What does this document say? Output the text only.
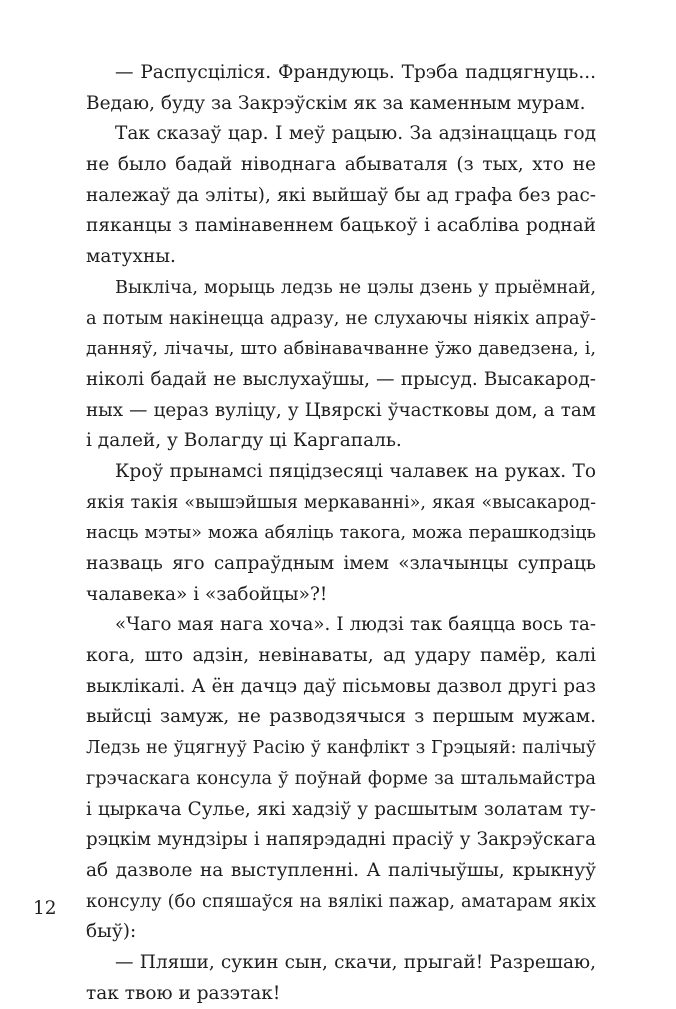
— Распусціліся. Франдуюць. Трэба падцягнуць...
Ведаю, буду за Закрэўскім як за каменным мурам.
Так сказаў цар. І меў рацыю. За адзінаццаць год
не было бадай ніводнага абываталя (з тых, хто не
належаў да эліты), які выйшаў бы ад графа без рас-
пяканцы з памінавеннем бацькоў і асабліва роднай
матухны.
Выкліча, морыць ледзь не цэлы дзень у прыёмнай,
а потым накінецца адразу, не слухаючы ніякіх апраў-
данняў, лічачы, што абвінавачванне ўжо даведзена, і,
ніколі бадай не выслухаўшы, — прысуд. Высакарод-
ных — цераз вуліцу, у Цвярскі ўчастковы дом, а там
і далей, у Волагду ці Каргапаль.
Кроў прынамсі пяцідзесяці чалавек на руках. То
якія такія «вышэйшыя меркаванні», якая «высакарод-
насць мэты» можа абяліць такога, можа перашкодзіць
назваць яго сапраўдным імем «злачынцы супраць
чалавека» і «забойцы»?!
«Чаго мая нага хоча». І людзі так баяцца вось та-
кога, што адзін, невінаваты, ад удару памёр, калі
выклікалі. А ён дачцэ даў пісьмовы дазвол другі раз
выйсці замуж, не разводзячыся з першым мужам.
Ледзь не ўцягнуў Расію ў канфлікт з Грэцыяй: палічыў
грэчаскага консула ў поўнай форме за штальмайстра
і цыркача Сулье, які хадзіў у расшытым золатам ту-
рэцкім мундзіры і напярэдадні прасіў у Закрэўскага
аб дазволе на выступленні. А палічыўшы, крыкнуў
консулу (бо спяшаўся на вялікі пажар, аматарам якіх
быў):
— Пляши, сукин сын, скачи, прыгай! Разрешаю,
так твою и разэтак!
12
